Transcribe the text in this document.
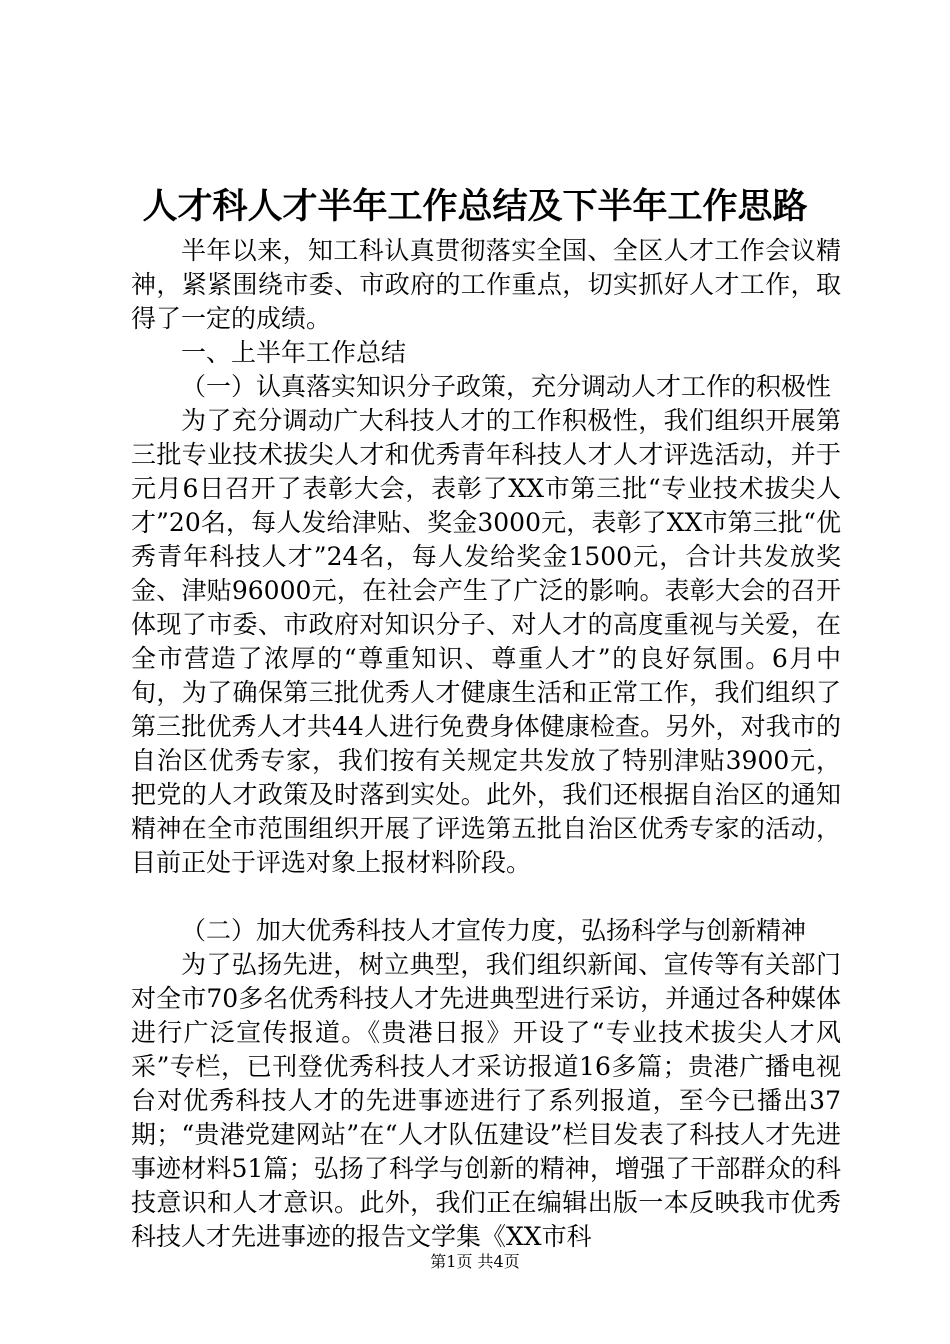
人才科人才半年工作总结及下半年工作思路

半年以来，知工科认真贯彻落实全国、全区人才工作会议精神，紧紧围绕市委、市政府的工作重点，切实抓好人才工作，取得了一定的成绩。

一、上半年工作总结

（一）认真落实知识分子政策，充分调动人才工作的积极性

为了充分调动广大科技人才的工作积极性，我们组织开展第三批专业技术拔尖人才和优秀青年科技人才人才评选活动，并于元月6日召开了表彰大会，表彰了XX市第三批“专业技术拔尖人才”20名，每人发给津贴、奖金3000元，表彰了XX市第三批“优秀青年科技人才”24名，每人发给奖金1500元，合计共发放奖金、津贴96000元，在社会产生了广泛的影响。表彰大会的召开体现了市委、市政府对知识分子、对人才的高度重视与关爱，在全市营造了浓厚的“尊重知识、尊重人才”的良好氛围。6月中旬，为了确保第三批优秀人才健康生活和正常工作，我们组织了第三批优秀人才共44人进行免费身体健康检查。另外，对我市的自治区优秀专家，我们按有关规定共发放了特别津贴3900元，把党的人才政策及时落到实处。此外，我们还根据自治区的通知精神在全市范围组织开展了评选第五批自治区优秀专家的活动，目前正处于评选对象上报材料阶段。

（二）加大优秀科技人才宣传力度，弘扬科学与创新精神

为了弘扬先进，树立典型，我们组织新闻、宣传等有关部门对全市70多名优秀科技人才先进典型进行采访，并通过各种媒体进行广泛宣传报道。《贵港日报》开设了“专业技术拔尖人才风采”专栏，已刊登优秀科技人才采访报道16多篇；贵港广播电视台对优秀科技人才的先进事迹进行了系列报道，至今已播出37期；“贵港党建网站”在“人才队伍建设”栏目发表了科技人才先进事迹材料51篇；弘扬了科学与创新的精神，增强了干部群众的科技意识和人才意识。此外，我们正在编辑出版一本反映我市优秀科技人才先进事迹的报告文学集《XX市科

第1页 共4页
